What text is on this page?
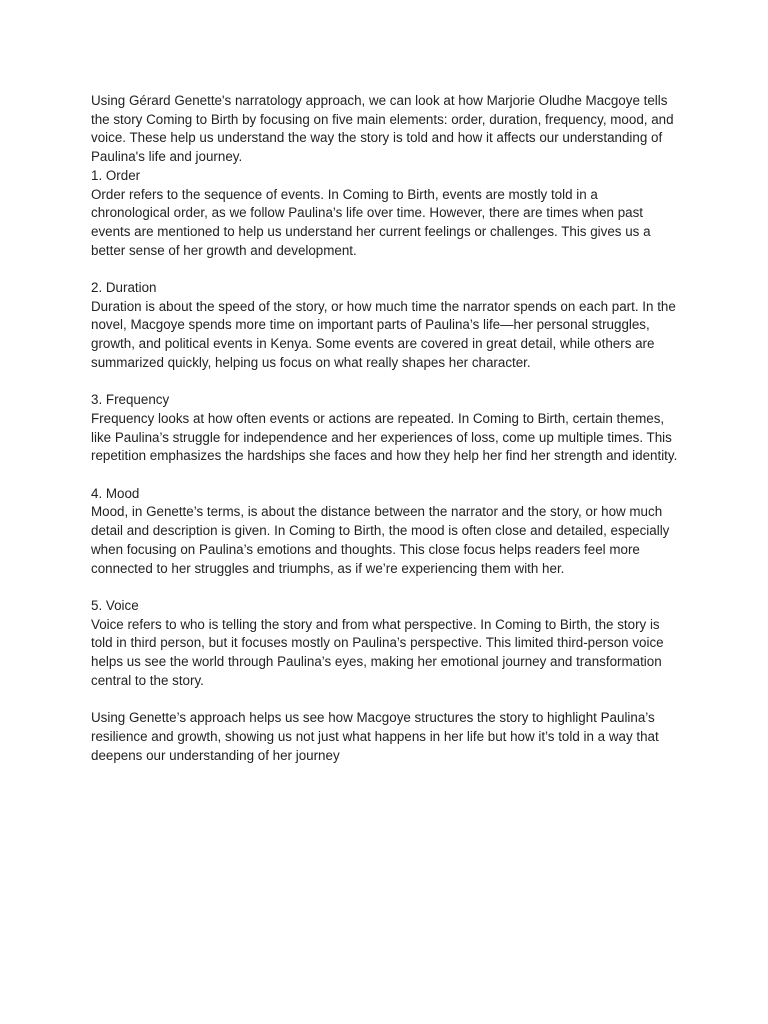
Using Gérard Genette's narratology approach, we can look at how Marjorie Oludhe Macgoye tells the story Coming to Birth by focusing on five main elements: order, duration, frequency, mood, and voice. These help us understand the way the story is told and how it affects our understanding of Paulina's life and journey.

1. Order

Order refers to the sequence of events. In Coming to Birth, events are mostly told in a chronological order, as we follow Paulina’s life over time. However, there are times when past events are mentioned to help us understand her current feelings or challenges. This gives us a better sense of her growth and development.

2. Duration

Duration is about the speed of the story, or how much time the narrator spends on each part. In the novel, Macgoye spends more time on important parts of Paulina’s life—her personal struggles, growth, and political events in Kenya. Some events are covered in great detail, while others are summarized quickly, helping us focus on what really shapes her character.

3. Frequency

Frequency looks at how often events or actions are repeated. In Coming to Birth, certain themes, like Paulina’s struggle for independence and her experiences of loss, come up multiple times. This repetition emphasizes the hardships she faces and how they help her find her strength and identity.

4. Mood

Mood, in Genette’s terms, is about the distance between the narrator and the story, or how much detail and description is given. In Coming to Birth, the mood is often close and detailed, especially when focusing on Paulina’s emotions and thoughts. This close focus helps readers feel more connected to her struggles and triumphs, as if we’re experiencing them with her.

5. Voice

Voice refers to who is telling the story and from what perspective. In Coming to Birth, the story is told in third person, but it focuses mostly on Paulina’s perspective. This limited third-person voice helps us see the world through Paulina’s eyes, making her emotional journey and transformation central to the story.

Using Genette’s approach helps us see how Macgoye structures the story to highlight Paulina’s resilience and growth, showing us not just what happens in her life but how it’s told in a way that deepens our understanding of her journey
